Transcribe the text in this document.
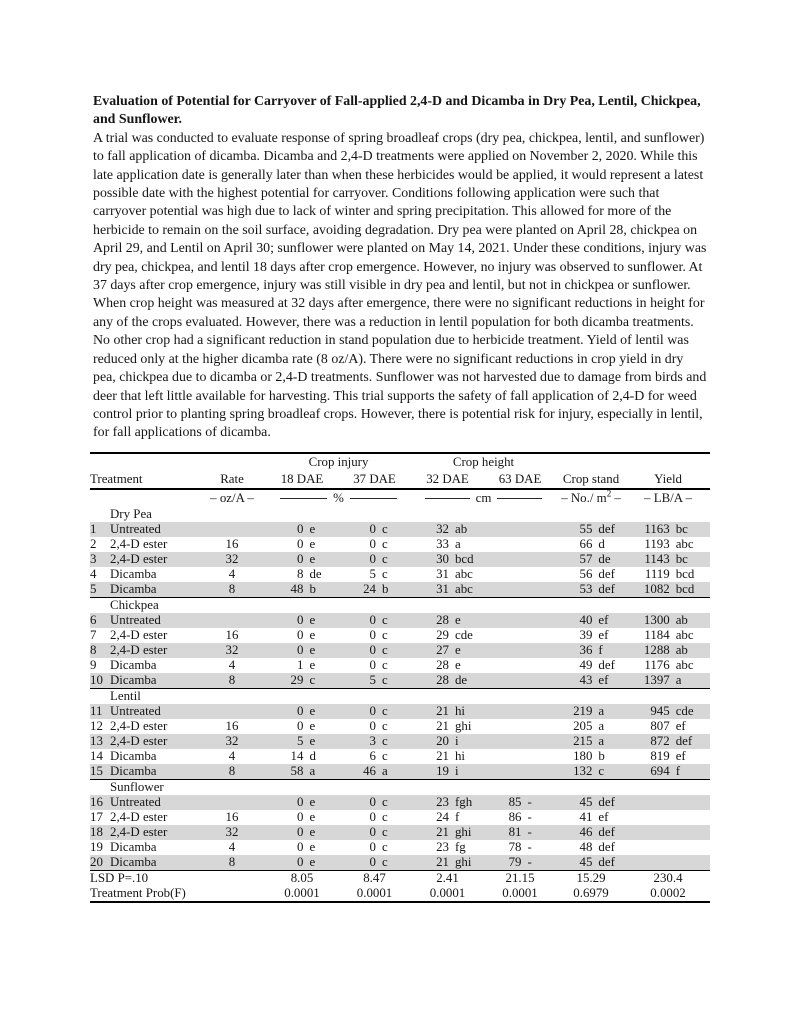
Evaluation of Potential for Carryover of Fall-applied 2,4-D and Dicamba in Dry Pea, Lentil, Chickpea, and Sunflower.

A trial was conducted to evaluate response of spring broadleaf crops (dry pea, chickpea, lentil, and sunflower) to fall application of dicamba. Dicamba and 2,4-D treatments were applied on November 2, 2020. While this late application date is generally later than when these herbicides would be applied, it would represent a latest possible date with the highest potential for carryover. Conditions following application were such that carryover potential was high due to lack of winter and spring precipitation. This allowed for more of the herbicide to remain on the soil surface, avoiding degradation. Dry pea were planted on April 28, chickpea on April 29, and Lentil on April 30; sunflower were planted on May 14, 2021. Under these conditions, injury was dry pea, chickpea, and lentil 18 days after crop emergence. However, no injury was observed to sunflower. At 37 days after crop emergence, injury was still visible in dry pea and lentil, but not in chickpea or sunflower. When crop height was measured at 32 days after emergence, there were no significant reductions in height for any of the crops evaluated. However, there was a reduction in lentil population for both dicamba treatments. No other crop had a significant reduction in stand population due to herbicide treatment. Yield of lentil was reduced only at the higher dicamba rate (8 oz/A). There were no significant reductions in crop yield in dry pea, chickpea due to dicamba or 2,4-D treatments. Sunflower was not harvested due to damage from birds and deer that left little available for harvesting. This trial supports the safety of fall application of 2,4-D for weed control prior to planting spring broadleaf crops. However, there is potential risk for injury, especially in lentil, for fall applications of dicamba.

			Crop injury		Crop height			
Treatment		Rate	18 DAE	37 DAE	32 DAE	63 DAE	Crop stand	Yield
		– oz/A –	%		cm		– No./ $m^2$ –	– LB/A –
	Dry Pea							
1	Untreated		0 e	0 c	32 ab		55 def	1163 bc

2	2,4-D ester	16	0 e	0 c	33 a		66 d	1193 abc

3	2,4-D ester	32	0 e	0 c	30 bcd		57 de	1143 bc

4	Dicamba	4	8 de	5 c	31 abc		56 def	1119 bcd

5	Dicamba	8	48 b	24 b	31 abc		53 def	1082 bcd

	Chickpea							
6	Untreated		0 e	0 c	28 e		40 ef	1300 ab

7	2,4-D ester	16	0 e	0 c	29 cde		39 ef	1184 abc

8	2,4-D ester	32	0 e	0 c	27 e		36 f	1288 ab

9	Dicamba	4	1 e	0 c	28 e		49 def	1176 abc

10	Dicamba	8	29 c	5 c	28 de		43 ef	1397 a

	Lentil							
11	Untreated		0 e	0 c	21 hi		219 a	945 cde

12	2,4-D ester	16	0 e	0 c	21 ghi		205 a	807 ef

13	2,4-D ester	32	5 e	3 c	20 i		215 a	872 def

14	Dicamba	4	14 d	6 c	21 hi		180 b	819 ef

15	Dicamba	8	58 a	46 a	19 i		132 c	694 f

	Sunflower							
16	Untreated		0 e	0 c	23 fgh	85 -	45 def	

17	2,4-D ester	16	0 e	0 c	24 f	86 -	41 ef	

18	2,4-D ester	32	0 e	0 c	21 ghi	81 -	46 def	

19	Dicamba	4	0 e	0 c	23 fg	78 -	48 def	

20	Dicamba	8	0 e	0 c	21 ghi	79 -	45 def	

LSD P=.10			8.05	8.47	2.41	21.15	15.29	230.4
Treatment Prob(F)			0.0001	0.0001	0.0001	0.0001	0.6979	0.0002
